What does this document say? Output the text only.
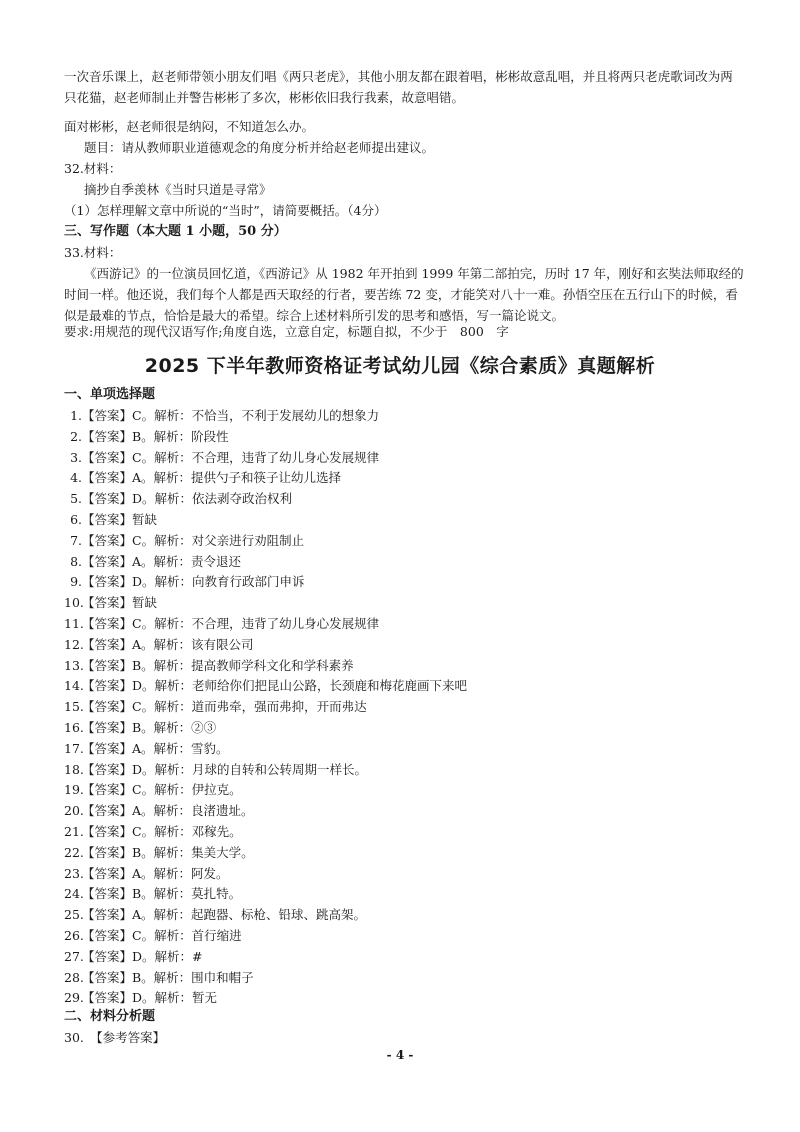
一次音乐课上，赵老师带领小朋友们唱《两只老虎》，其他小朋友都在跟着唱，彬彬故意乱唱，并且将两只老虎歌词改为两只花猫，赵老师制止并警告彬彬了多次，彬彬依旧我行我素，故意唱错。
面对彬彬，赵老师很是纳闷，不知道怎么办。
题目：请从教师职业道德观念的角度分析并给赵老师提出建议。
32.材料：
摘抄自季羡林《当时只道是寻常》
（1）怎样理解文章中所说的“当时”，请简要概括。（4分）
三、写作题（本大题 1 小题，50 分）
33.材料：
《西游记》的一位演员回忆道，《西游记》从 1982 年开拍到 1999 年第二部拍完，历时 17 年，刚好和玄奘法师取经的时间一样。他还说，我们每个人都是西天取经的行者，要苦练 72 变，才能笑对八十一难。孙悟空压在五行山下的时候，看似是最难的节点，恰恰是最大的希望。综合上述材料所引发的思考和感悟，写一篇论说文。
要求:用规范的现代汉语写作;角度自选，立意自定，标题自拟，不少于　800　字
2025 下半年教师资格证考试幼儿园《综合素质》真题解析
一、单项选择题
1.【答案】C。解析：不恰当，不利于发展幼儿的想象力
2.【答案】B。解析：阶段性
3.【答案】C。解析：不合理，违背了幼儿身心发展规律
4.【答案】A。解析：提供勺子和筷子让幼儿选择
5.【答案】D。解析：依法剥夺政治权利
6.【答案】暂缺
7.【答案】C。解析：对父亲进行劝阻制止
8.【答案】A。解析：责令退还
9.【答案】D。解析：向教育行政部门申诉
10.【答案】暂缺
11.【答案】C。解析：不合理，违背了幼儿身心发展规律
12.【答案】A。解析：该有限公司
13.【答案】B。解析：提高教师学科文化和学科素养
14.【答案】D。解析：老师给你们把昆山公路，长颈鹿和梅花鹿画下来吧
15.【答案】C。解析：道而弗牵，强而弗抑，开而弗达
16.【答案】B。解析：②③
17.【答案】A。解析：雪豹。
18.【答案】D。解析：月球的自转和公转周期一样长。
19.【答案】C。解析：伊拉克。
20.【答案】A。解析：良渚遗址。
21.【答案】C。解析：邓稼先。
22.【答案】B。解析：集美大学。
23.【答案】A。解析：阿发。
24.【答案】B。解析：莫扎特。
25.【答案】A。解析：起跑器、标枪、铅球、跳高架。
26.【答案】C。解析：首行缩进
27.【答案】D。解析：#
28.【答案】B。解析：围巾和帽子
29.【答案】D。解析：暂无
二、材料分析题
30.　【参考答案】
- 4 -
